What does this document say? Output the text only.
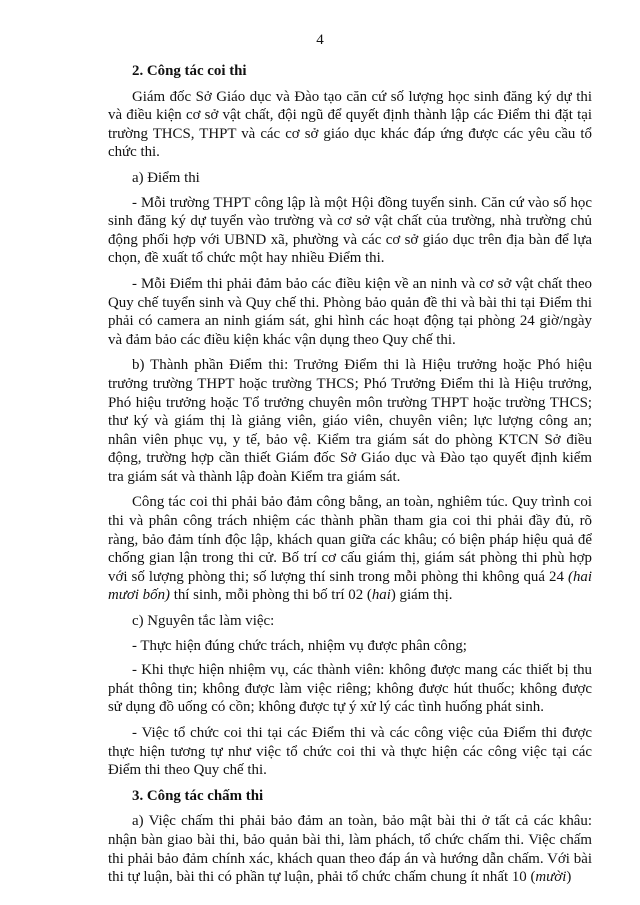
4

2. Công tác coi thi

Giám đốc Sở Giáo dục và Đào tạo căn cứ số lượng học sinh đăng ký dự thi và điều kiện cơ sở vật chất, đội ngũ để quyết định thành lập các Điểm thi đặt tại trường THCS, THPT và các cơ sở giáo dục khác đáp ứng được các yêu cầu tổ chức thi.

a) Điểm thi

- Mỗi trường THPT công lập là một Hội đồng tuyển sinh. Căn cứ vào số học sinh đăng ký dự tuyển vào trường và cơ sở vật chất của trường, nhà trường chủ động phối hợp với UBND xã, phường và các cơ sở giáo dục trên địa bàn để lựa chọn, đề xuất tổ chức một hay nhiều Điểm thi.

- Mỗi Điểm thi phải đảm bảo các điều kiện về an ninh và cơ sở vật chất theo Quy chế tuyển sinh và Quy chế thi. Phòng bảo quản đề thi và bài thi tại Điểm thi phải có camera an ninh giám sát, ghi hình các hoạt động tại phòng 24 giờ/ngày và đảm bảo các điều kiện khác vận dụng theo Quy chế thi.

b) Thành phần Điểm thi: Trưởng Điểm thi là Hiệu trưởng hoặc Phó hiệu trưởng trường THPT hoặc trường THCS; Phó Trưởng Điểm thi là Hiệu trưởng, Phó hiệu trưởng hoặc Tổ trưởng chuyên môn trường THPT hoặc trường THCS; thư ký và giám thị là giảng viên, giáo viên, chuyên viên; lực lượng công an; nhân viên phục vụ, y tế, bảo vệ. Kiểm tra giám sát do phòng KTCN Sở điều động, trường hợp cần thiết Giám đốc Sở Giáo dục và Đào tạo quyết định kiểm tra giám sát và thành lập đoàn Kiểm tra giám sát.

Công tác coi thi phải bảo đảm công bằng, an toàn, nghiêm túc. Quy trình coi thi và phân công trách nhiệm các thành phần tham gia coi thi phải đầy đủ, rõ ràng, bảo đảm tính độc lập, khách quan giữa các khâu; có biện pháp hiệu quả để chống gian lận trong thi cử. Bố trí cơ cấu giám thị, giám sát phòng thi phù hợp với số lượng phòng thi; số lượng thí sinh trong mỗi phòng thi không quá 24 (hai mươi bốn) thí sinh, mỗi phòng thi bố trí 02 (hai) giám thị.

c) Nguyên tắc làm việc:

- Thực hiện đúng chức trách, nhiệm vụ được phân công;

- Khi thực hiện nhiệm vụ, các thành viên: không được mang các thiết bị thu phát thông tin; không được làm việc riêng; không được hút thuốc; không được sử dụng đồ uống có cồn; không được tự ý xử lý các tình huống phát sinh.

- Việc tổ chức coi thi tại các Điểm thi và các công việc của Điểm thi được thực hiện tương tự như việc tổ chức coi thi và thực hiện các công việc tại các Điểm thi theo Quy chế thi.

3. Công tác chấm thi

a) Việc chấm thi phải bảo đảm an toàn, bảo mật bài thi ở tất cả các khâu: nhận bàn giao bài thi, bảo quản bài thi, làm phách, tổ chức chấm thi. Việc chấm thi phải bảo đảm chính xác, khách quan theo đáp án và hướng dẫn chấm. Với bài thi tự luận, bài thi có phần tự luận, phải tổ chức chấm chung ít nhất 10 (mười)
